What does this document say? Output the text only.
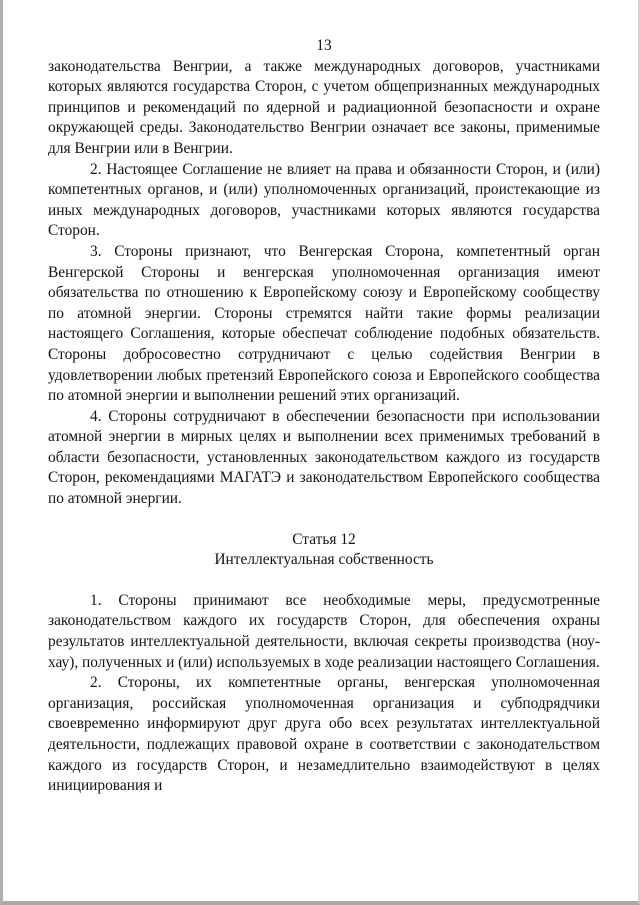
13

законодательства Венгрии, а также международных договоров, участниками которых являются государства Сторон, с учетом общепризнанных международных принципов и рекомендаций по ядерной и радиационной безопасности и охране окружающей среды. Законодательство Венгрии означает все законы, применимые для Венгрии или в Венгрии.

2. Настоящее Соглашение не влияет на права и обязанности Сторон, и (или) компетентных органов, и (или) уполномоченных организаций, проистекающие из иных международных договоров, участниками которых являются государства Сторон.

3. Стороны признают, что Венгерская Сторона, компетентный орган Венгерской Стороны и венгерская уполномоченная организация имеют обязательства по отношению к Европейскому союзу и Европейскому сообществу по атомной энергии. Стороны стремятся найти такие формы реализации настоящего Соглашения, которые обеспечат соблюдение подобных обязательств. Стороны добросовестно сотрудничают с целью содействия Венгрии в удовлетворении любых претензий Европейского союза и Европейского сообщества по атомной энергии и выполнении решений этих организаций.

4. Стороны сотрудничают в обеспечении безопасности при использовании атомной энергии в мирных целях и выполнении всех применимых требований в области безопасности, установленных законодательством каждого из государств Сторон, рекомендациями МАГАТЭ и законодательством Европейского сообщества по атомной энергии.

Статья 12
Интеллектуальная собственность

1. Стороны принимают все необходимые меры, предусмотренные законодательством каждого их государств Сторон, для обеспечения охраны результатов интеллектуальной деятельности, включая секреты производства (ноу-хау), полученных и (или) используемых в ходе реализации настоящего Соглашения.

2. Стороны, их компетентные органы, венгерская уполномоченная организация, российская уполномоченная организация и субподрядчики своевременно информируют друг друга обо всех результатах интеллектуальной деятельности, подлежащих правовой охране в соответствии с законодательством каждого из государств Сторон, и незамедлительно взаимодействуют в целях инициирования и
